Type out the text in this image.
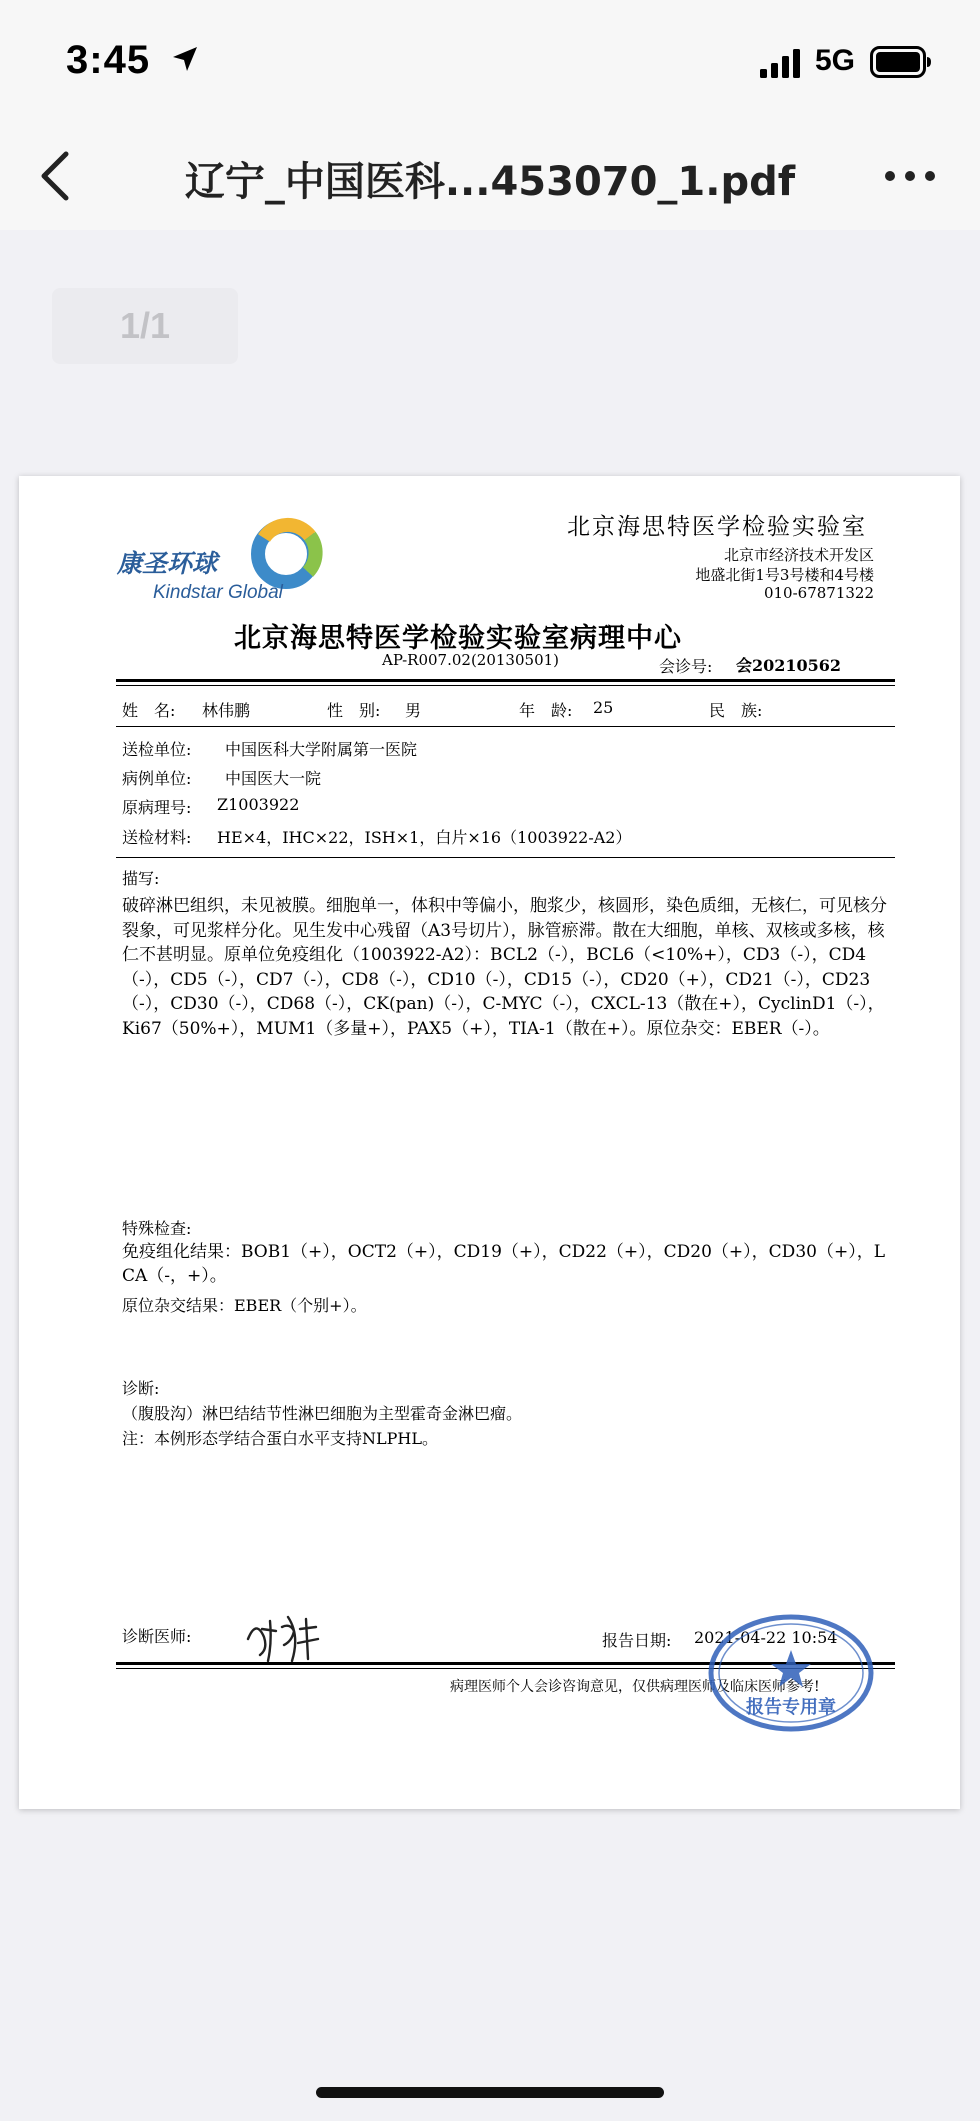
3:45	5G
辽宁_中国医科...453070_1.pdf
1/1
康圣环球
Kindstar Global
北京海思特医学检验实验室
北京市经济技术开发区
地盛北街1号3号楼和4号楼
010-67871322
北京海思特医学检验实验室病理中心
AP-R007.02(20130501)	会诊号: 会20210562
姓　名: 林伟鹏	性　别: 男	年　龄: 25	民　族:
送检单位: 中国医科大学附属第一医院
病例单位: 中国医大一院
原病理号: Z1003922
送检材料: HE×4，IHC×22，ISH×1，白片×16（1003922-A2）
描写:
破碎淋巴组织，未见被膜。细胞单一，体积中等偏小，胞浆少，核圆形，染色质细，无核仁，可见核分裂象，可见浆样分化。见生发中心残留（A3号切片），脉管瘀滞。散在大细胞，单核、双核或多核，核仁不甚明显。原单位免疫组化（1003922-A2）：BCL2（-），BCL6（<10%+），CD3（-），CD4（-），CD5（-），CD7（-），CD8（-），CD10（-），CD15（-），CD20（+），CD21（-），CD23（-），CD30（-），CD68（-），CK(pan)（-），C-MYC（-），CXCL-13（散在+），CyclinD1（-），Ki67（50%+），MUM1（多量+），PAX5（+），TIA-1（散在+）。原位杂交：EBER（-）。
特殊检查:
免疫组化结果：BOB1（+），OCT2（+），CD19（+），CD22（+），CD20（+），CD30（+），LCA（-，+）。
原位杂交结果：EBER（个别+）。
诊断:
（腹股沟）淋巴结结节性淋巴细胞为主型霍奇金淋巴瘤。
注：本例形态学结合蛋白水平支持NLPHL。
诊断医师:	报告日期: 2021-04-22 10:54
病理医师个人会诊咨询意见，仅供病理医师及临床医师参考!
报告专用章
